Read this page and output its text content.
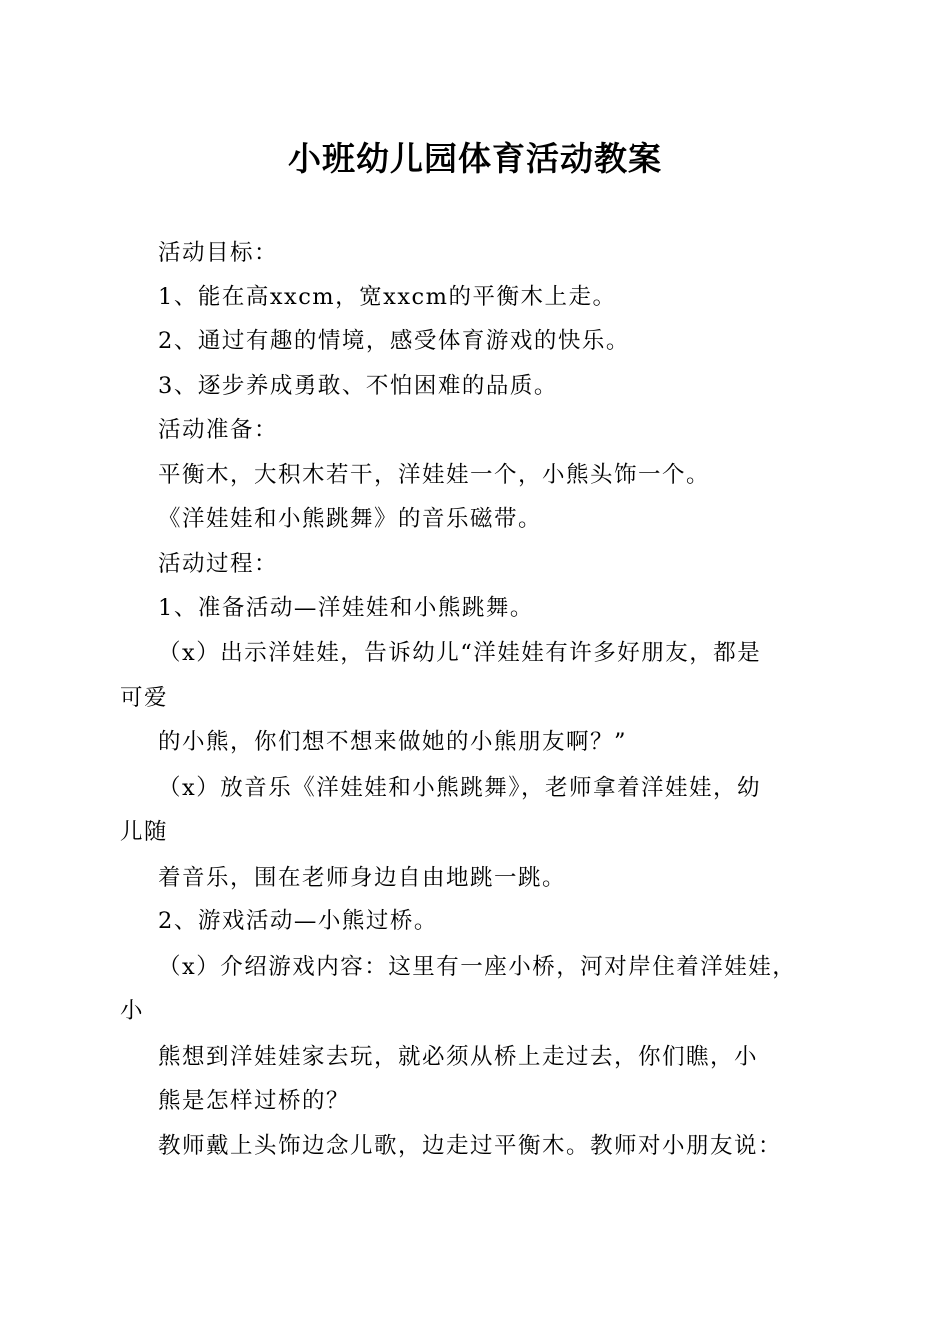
小班幼儿园体育活动教案
活动目标：
1、能在高xxcm，宽xxcm的平衡木上走。
2、通过有趣的情境，感受体育游戏的快乐。
3、逐步养成勇敢、不怕困难的品质。
活动准备：
平衡木，大积木若干，洋娃娃一个，小熊头饰一个。
《洋娃娃和小熊跳舞》的音乐磁带。
活动过程：
1、准备活动—洋娃娃和小熊跳舞。
（x）出示洋娃娃，告诉幼儿“洋娃娃有许多好朋友，都是
可爱
的小熊，你们想不想来做她的小熊朋友啊？”
（x）放音乐《洋娃娃和小熊跳舞》，老师拿着洋娃娃，幼
儿随
着音乐，围在老师身边自由地跳一跳。
2、游戏活动—小熊过桥。
（x）介绍游戏内容：这里有一座小桥，河对岸住着洋娃娃，
小
熊想到洋娃娃家去玩，就必须从桥上走过去，你们瞧，小
熊是怎样过桥的？
教师戴上头饰边念儿歌，边走过平衡木。教师对小朋友说：
